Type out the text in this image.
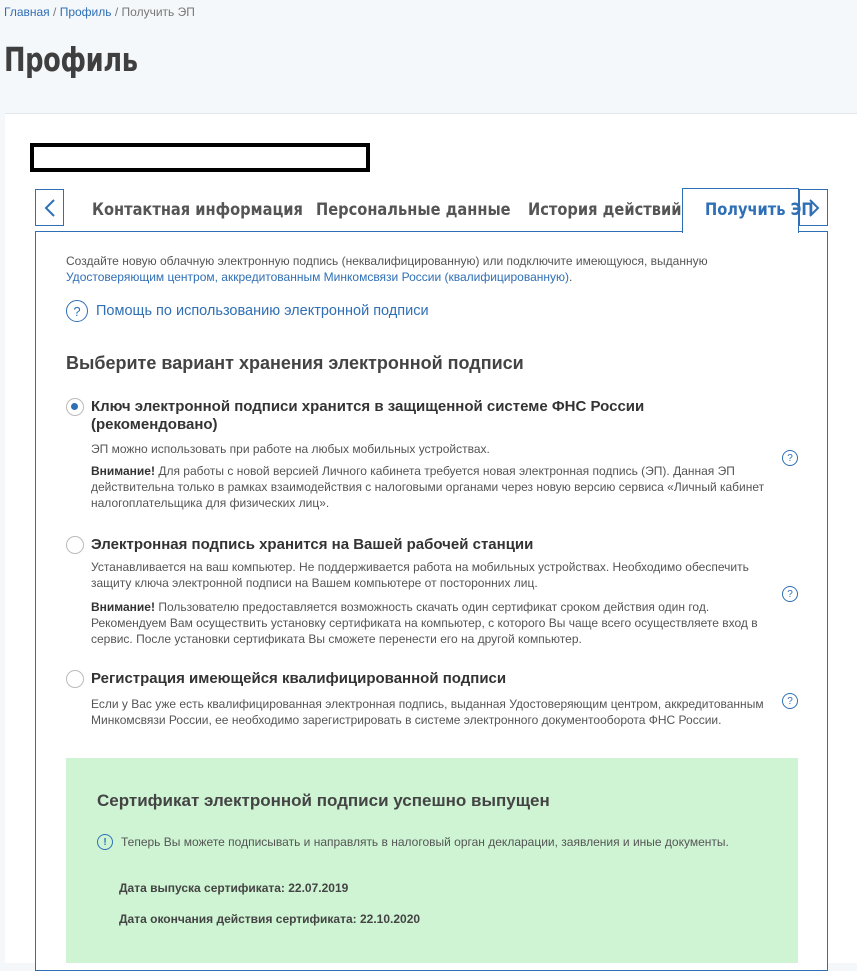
Главная / Профиль / Получить ЭП
Профиль
Контактная информация Персональные данные История действий Получить ЭП
Создайте новую облачную электронную подпись (неквалифицированную) или подключите имеющуюся, выданную Удостоверяющим центром, аккредитованным Минкомсвязи России (квалифицированную).
?	Помощь по использованию электронной подписи
Выберите вариант хранения электронной подписи
Ключ электронной подписи хранится в защищенной системе ФНС России (рекомендовано)
ЭП можно использовать при работе на любых мобильных устройствах.
Внимание! Для работы с новой версией Личного кабинета требуется новая электронная подпись (ЭП). Данная ЭП действительна только в рамках взаимодействия с налоговыми органами через новую версию сервиса «Личный кабинет налогоплательщика для физических лиц».
?
Электронная подпись хранится на Вашей рабочей станции
Устанавливается на ваш компьютер. Не поддерживается работа на мобильных устройствах. Необходимо обеспечить защиту ключа электронной подписи на Вашем компьютере от посторонних лиц.
Внимание! Пользователю предоставляется возможность скачать один сертификат сроком действия один год. Рекомендуем Вам осуществить установку сертификата на компьютер, с которого Вы чаще всего осуществляете вход в сервис. После установки сертификата Вы сможете перенести его на другой компьютер.
?
Регистрация имеющейся квалифицированной подписи
Если у Вас уже есть квалифицированная электронная подпись, выданная Удостоверяющим центром, аккредитованным Минкомсвязи России, ее необходимо зарегистрировать в системе электронного документооборота ФНС России.
?
Сертификат электронной подписи успешно выпущен
!	Теперь Вы можете подписывать и направлять в налоговый орган декларации, заявления и иные документы.
Дата выпуска сертификата: 22.07.2019
Дата окончания действия сертификата: 22.10.2020
